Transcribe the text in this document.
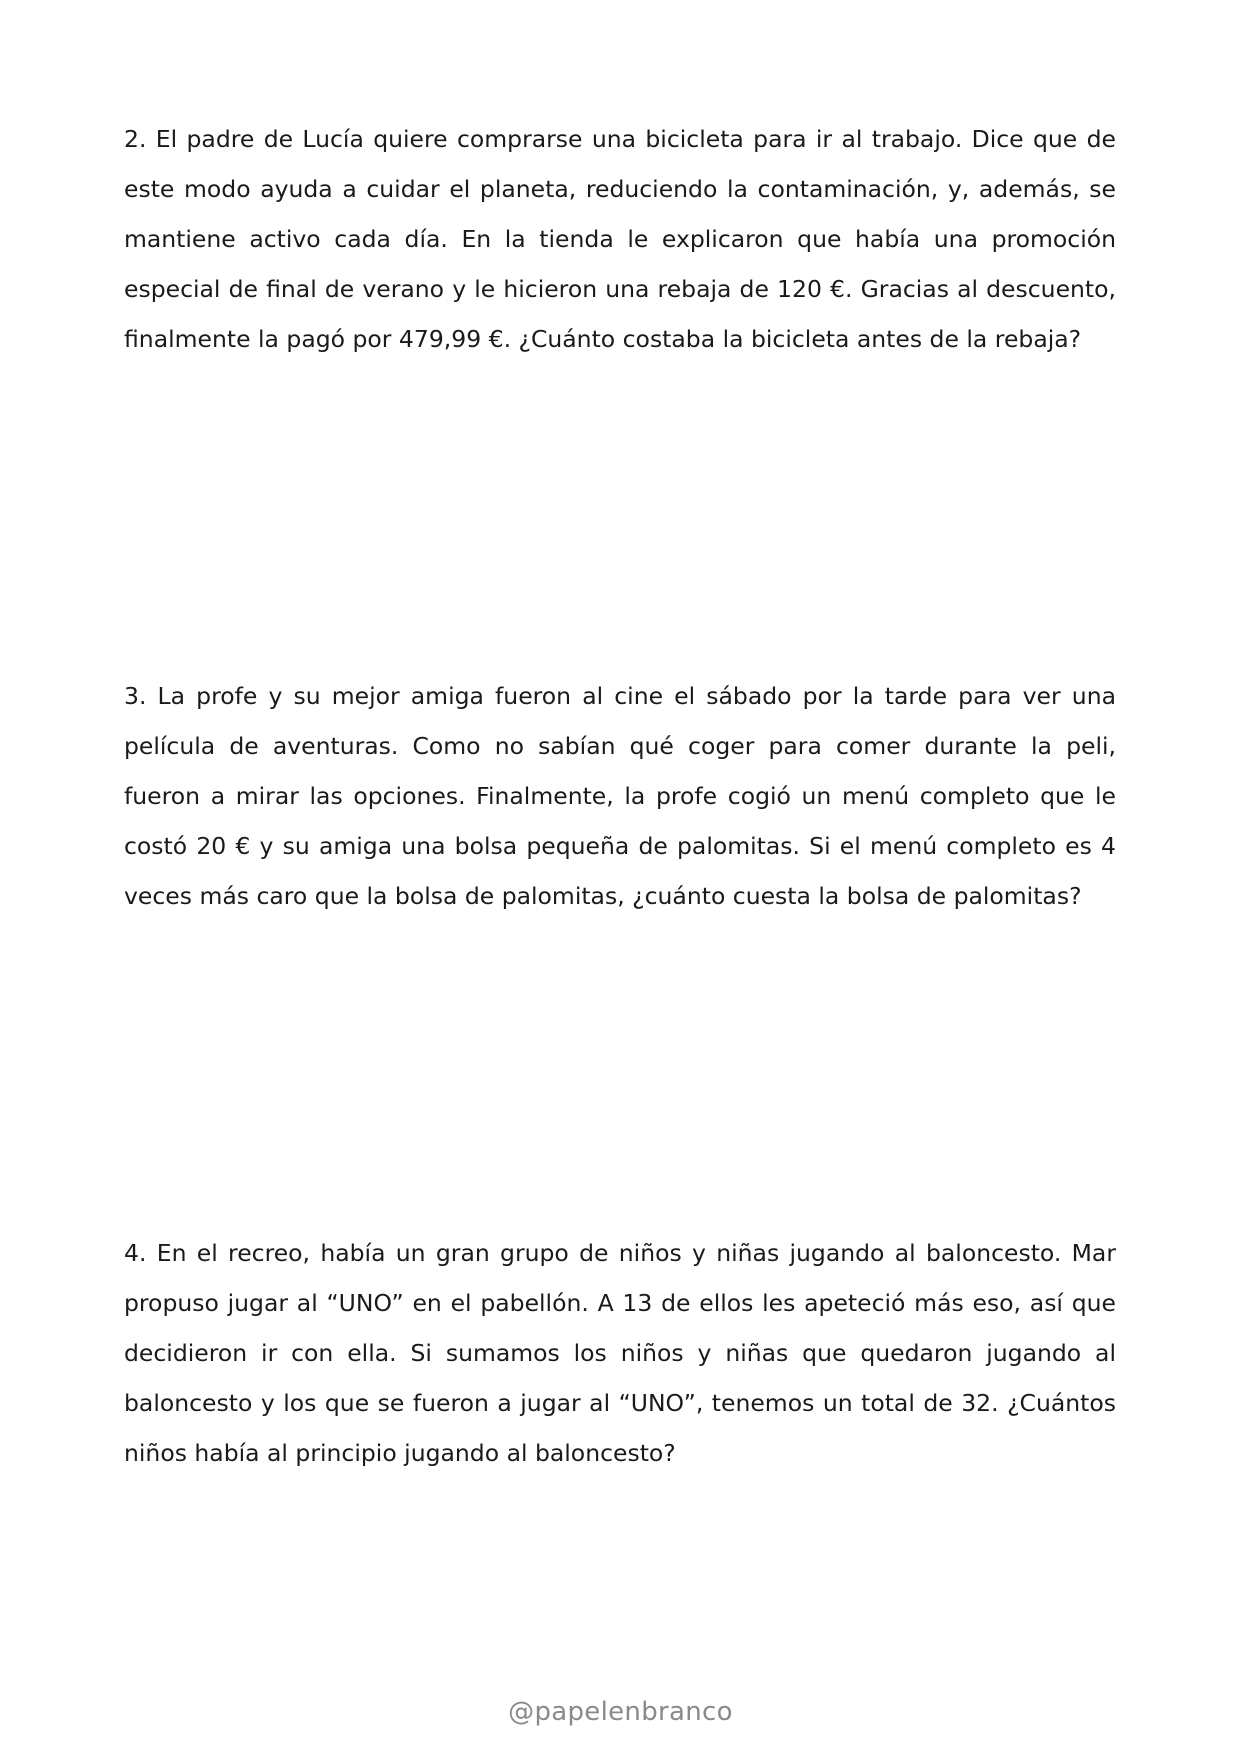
2. El padre de Lucía quiere comprarse una bicicleta para ir al trabajo. Dice que de este modo ayuda a cuidar el planeta, reduciendo la contaminación, y, además, se mantiene activo cada día. En la tienda le explicaron que había una promoción especial de final de verano y le hicieron una rebaja de 120 €. Gracias al descuento, finalmente la pagó por 479,99 €. ¿Cuánto costaba la bicicleta antes de la rebaja?

3. La profe y su mejor amiga fueron al cine el sábado por la tarde para ver una película de aventuras. Como no sabían qué coger para comer durante la peli, fueron a mirar las opciones. Finalmente, la profe cogió un menú completo que le costó 20 € y su amiga una bolsa pequeña de palomitas. Si el menú completo es 4 veces más caro que la bolsa de palomitas, ¿cuánto cuesta la bolsa de palomitas?

4. En el recreo, había un gran grupo de niños y niñas jugando al baloncesto. Mar propuso jugar al “UNO” en el pabellón. A 13 de ellos les apeteció más eso, así que decidieron ir con ella. Si sumamos los niños y niñas que quedaron jugando al baloncesto y los que se fueron a jugar al “UNO”, tenemos un total de 32. ¿Cuántos niños había al principio jugando al baloncesto?

@papelenbranco
